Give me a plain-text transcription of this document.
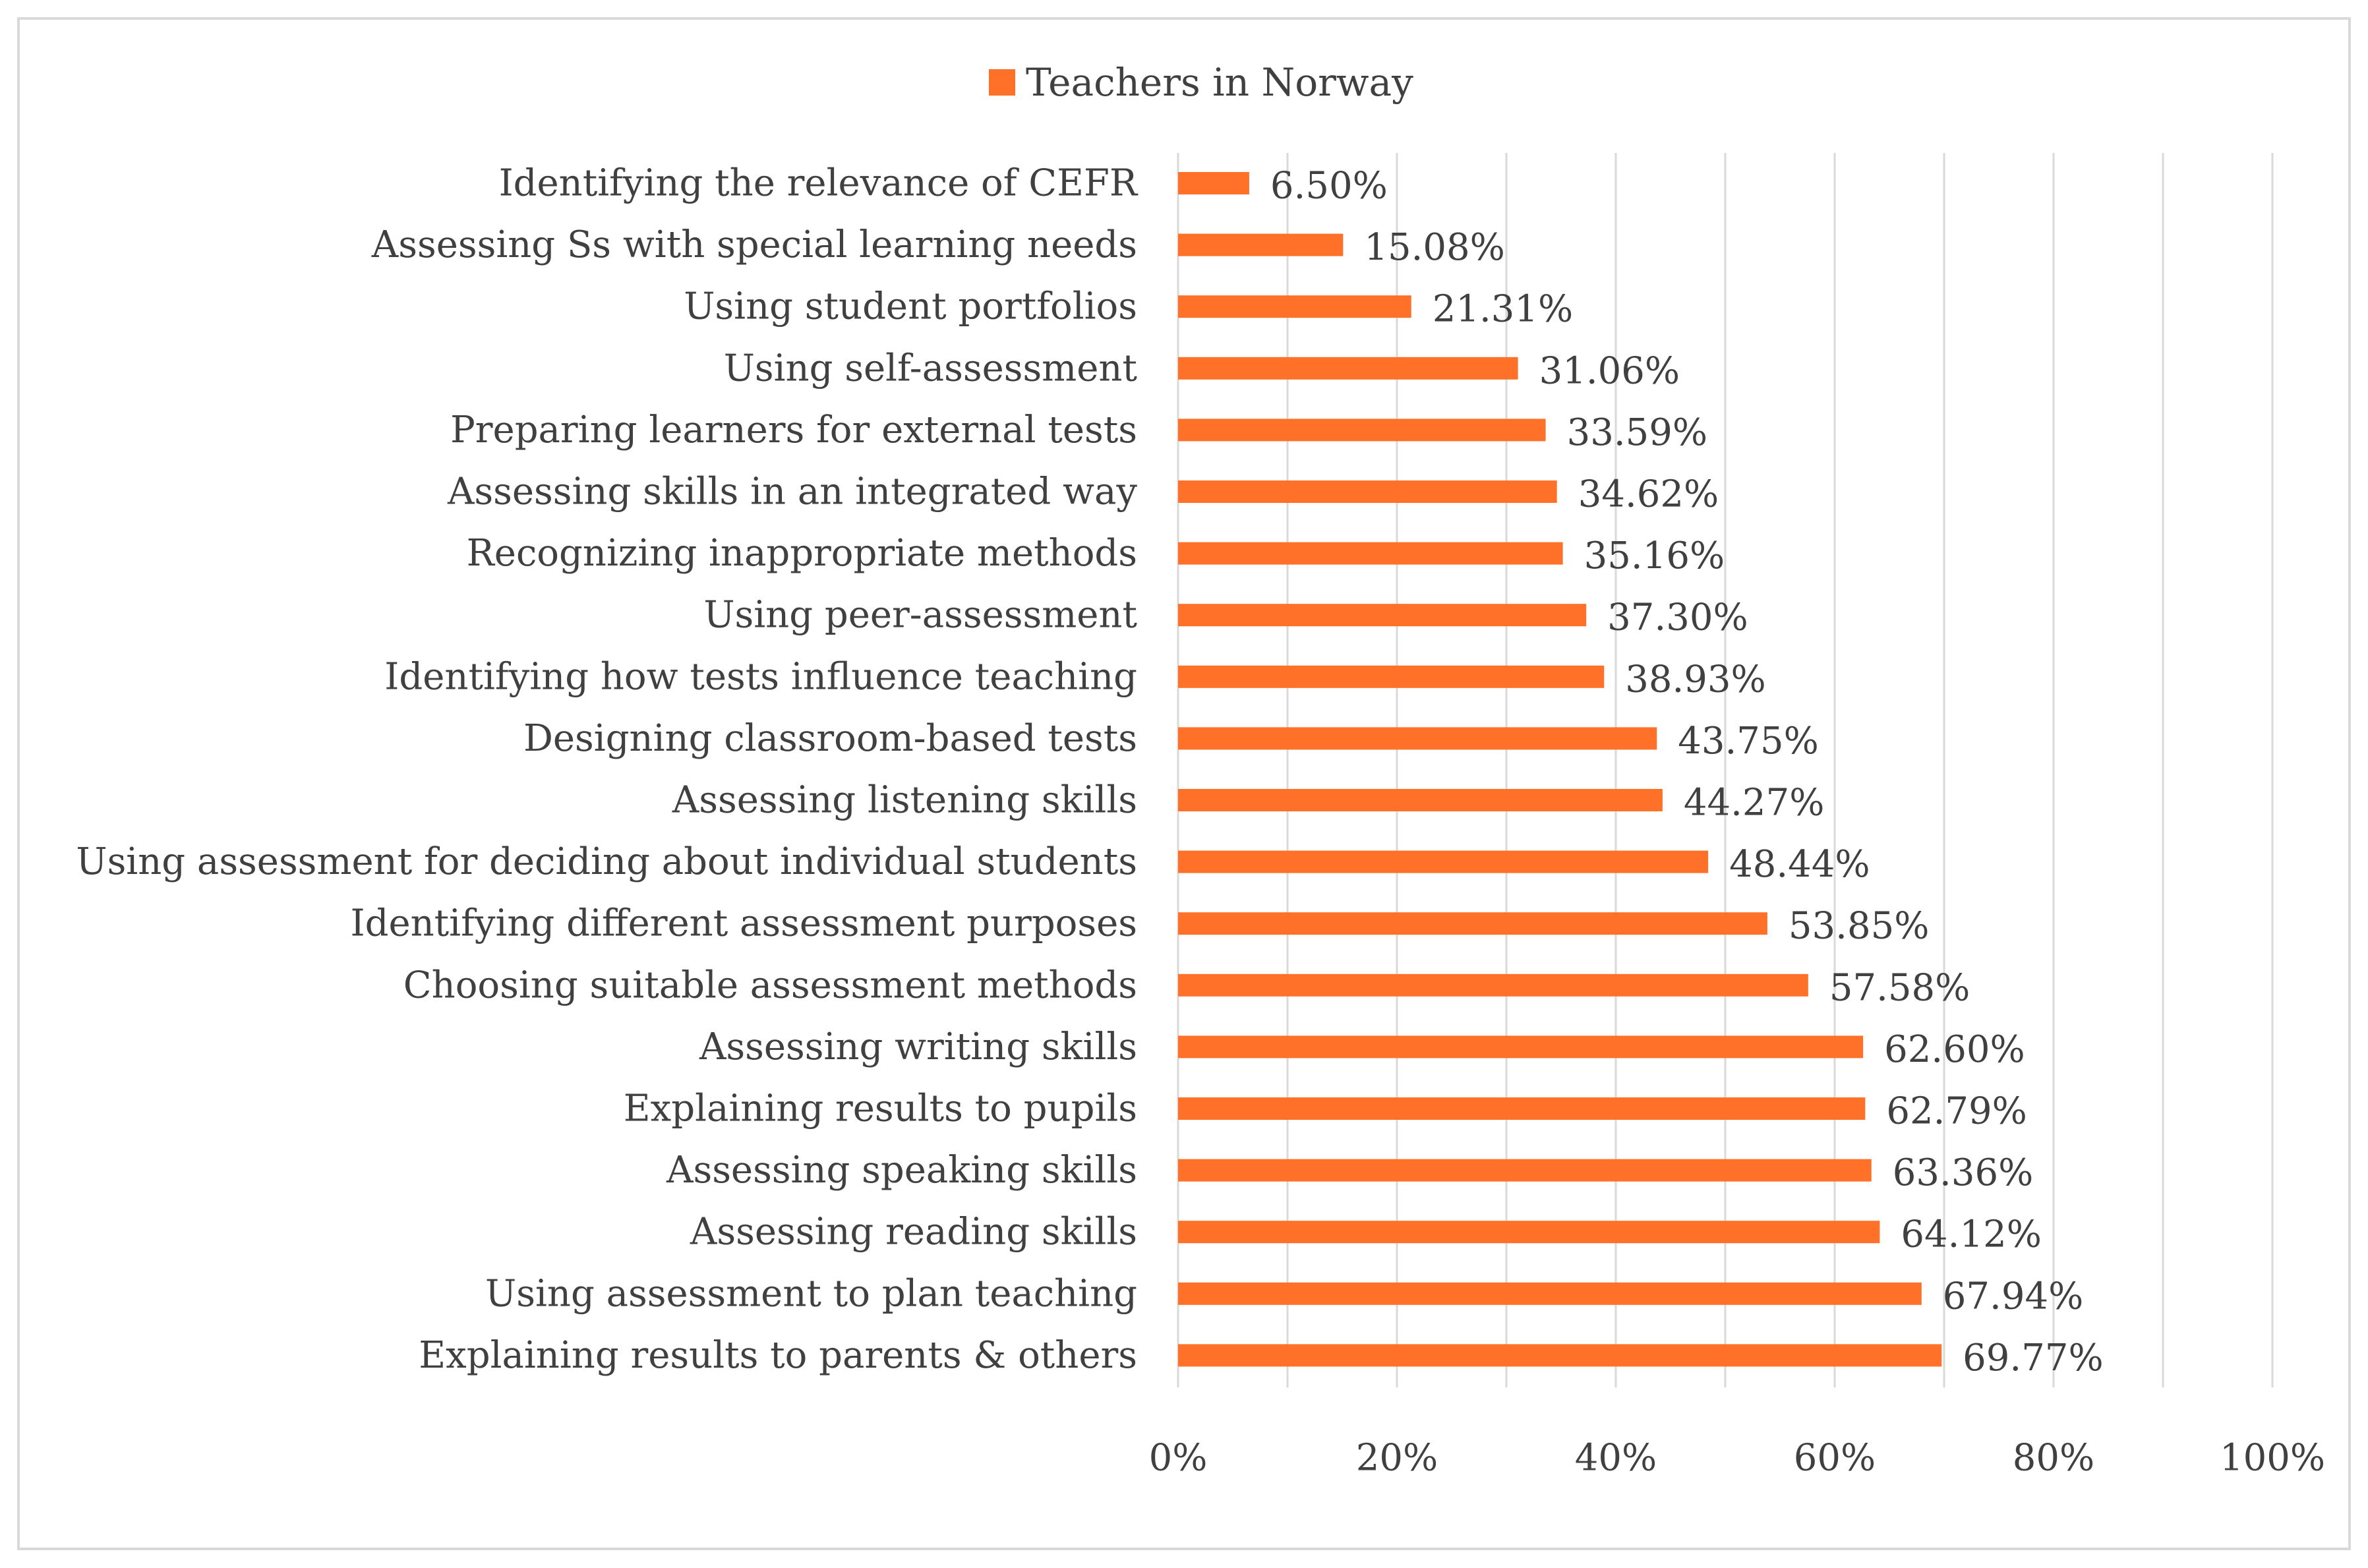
Teachers in Norway
Identifying the relevance of CEFR
Assessing Ss with special learning needs
Using student portfolios
Using self-assessment
Preparing learners for external tests
Assessing skills in an integrated way
Recognizing inappropriate methods
Using peer-assessment
Identifying how tests influence teaching
Designing classroom-based tests
Assessing listening skills
Using assessment for deciding about individual students
Identifying different assessment purposes
Choosing suitable assessment methods
Assessing writing skills
Explaining results to pupils
Assessing speaking skills
Assessing reading skills
Using assessment to plan teaching
Explaining results to parents & others
6.50%
15.08%
21.31%
31.06%
33.59%
34.62%
35.16%
37.30%
38.93%
43.75%
44.27%
48.44%
53.85%
57.58%
62.60%
62.79%
63.36%
64.12%
67.94%
69.77%
0%	20%	40%	60%	80%	100%
